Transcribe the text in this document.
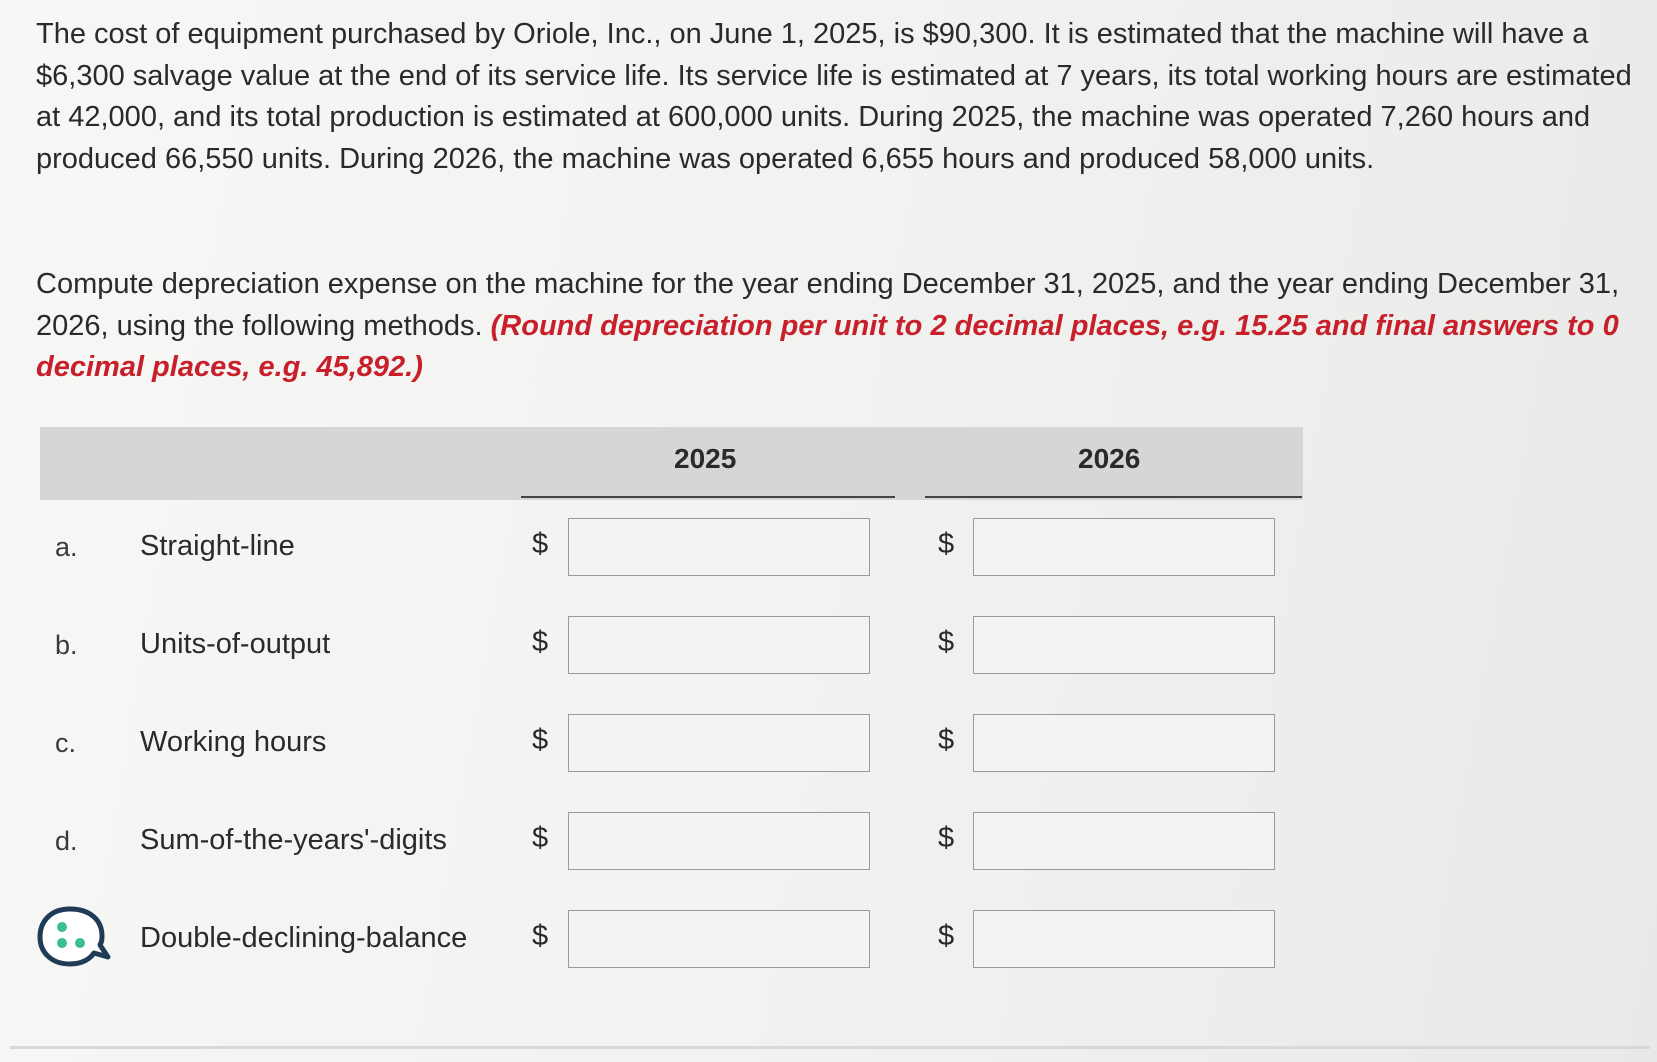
The cost of equipment purchased by Oriole, Inc., on June 1, 2025, is $90,300. It is estimated that the machine will have a $6,300 salvage value at the end of its service life. Its service life is estimated at 7 years, its total working hours are estimated at 42,000, and its total production is estimated at 600,000 units. During 2025, the machine was operated 7,260 hours and produced 66,550 units. During 2026, the machine was operated 6,655 hours and produced 58,000 units.

Compute depreciation expense on the machine for the year ending December 31, 2025, and the year ending December 31, 2026, using the following methods. (Round depreciation per unit to 2 decimal places, e.g. 15.25 and final answers to 0 decimal places, e.g. 45,892.)

2025	2026
a. Straight-line	$	$
b. Units-of-output	$	$
c. Working hours	$	$
d. Sum-of-the-years'-digits	$	$
Double-declining-balance $	$
